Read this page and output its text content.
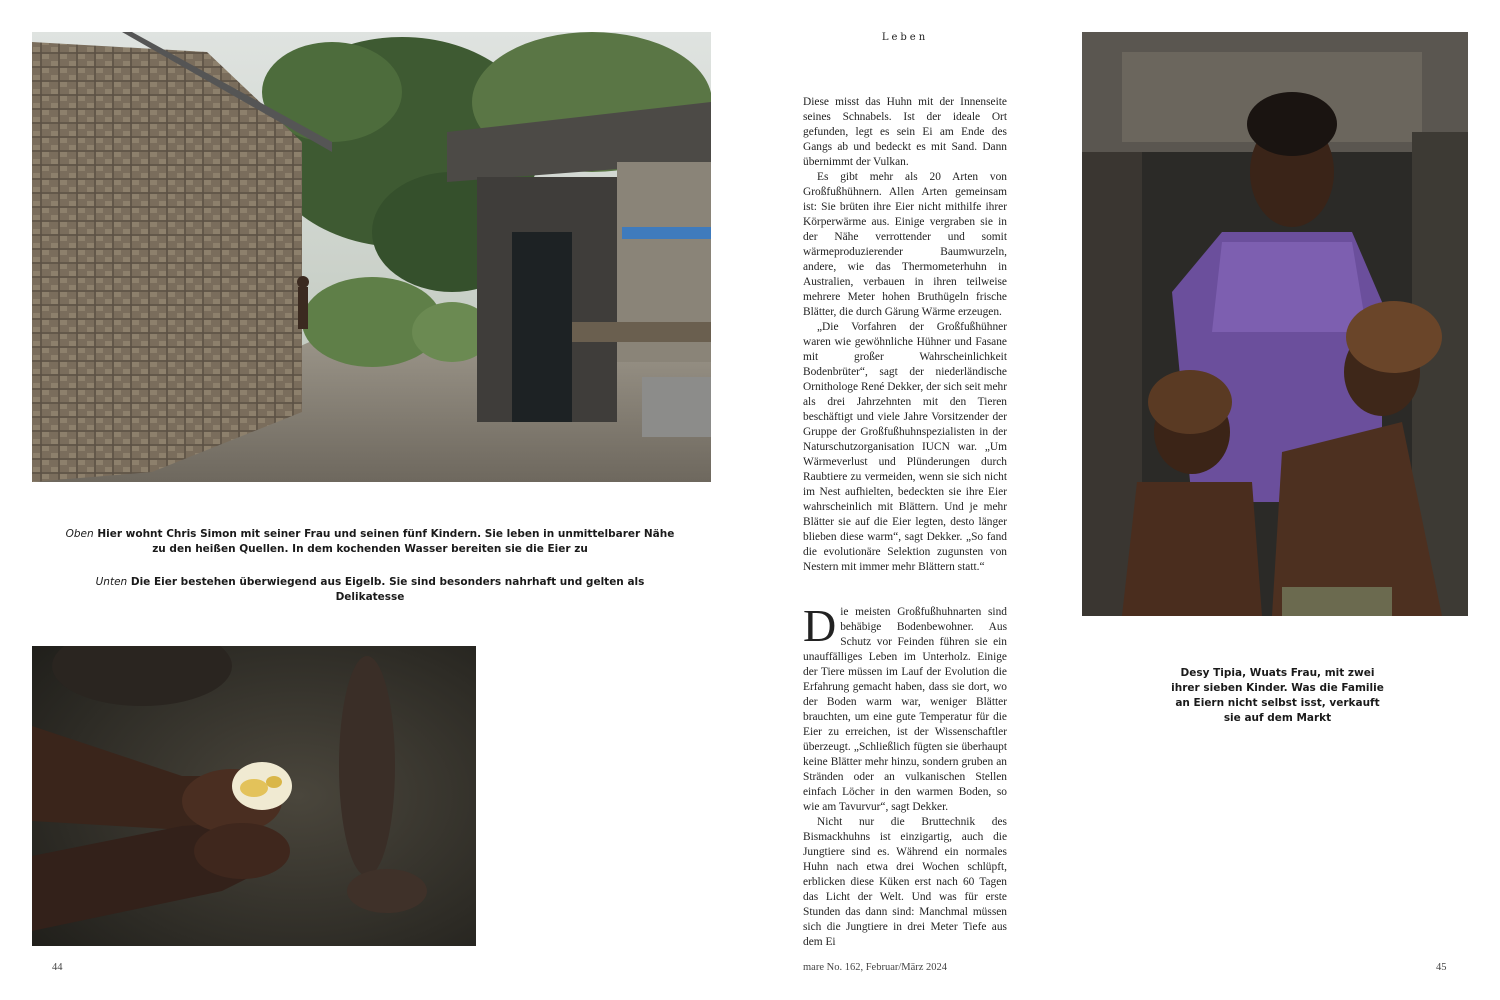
Oben Hier wohnt Chris Simon mit seiner Frau und seinen fünf Kindern. Sie leben in unmittelbarer Nähe zu den heißen Quellen. In dem kochenden Wasser bereiten sie die Eier zu
Unten Die Eier bestehen überwiegend aus Eigelb. Sie sind besonders nahrhaft und gelten als Delikatesse
Desy Tipia, Wuats Frau, mit zwei ihrer sieben Kinder. Was die Familie an Eiern nicht selbst isst, verkauft sie auf dem Markt
Leben

Diese misst das Huhn mit der Innenseite seines Schnabels. Ist der ideale Ort gefunden, legt es sein Ei am Ende des Gangs ab und bedeckt es mit Sand. Dann übernimmt der Vulkan.

Es gibt mehr als 20 Arten von Großfußhühnern. Allen Arten gemeinsam ist: Sie brüten ihre Eier nicht mithilfe ihrer Körperwärme aus. Einige vergraben sie in der Nähe verrottender und somit wärmeproduzierender Baumwurzeln, andere, wie das Thermometerhuhn in Australien, verbauen in ihren teilweise mehrere Meter hohen Bruthügeln frische Blätter, die durch Gärung Wärme erzeugen.

„Die Vorfahren der Großfußhühner waren wie gewöhnliche Hühner und Fasane mit großer Wahrscheinlichkeit Bodenbrüter“, sagt der niederländische Ornithologe René Dekker, der sich seit mehr als drei Jahrzehnten mit den Tieren beschäftigt und viele Jahre Vorsitzender der Gruppe der Großfußhuhnspezialisten in der Naturschutzorganisation IUCN war. „Um Wärmeverlust und Plünderungen durch Raubtiere zu vermeiden, wenn sie sich nicht im Nest aufhielten, bedeckten sie ihre Eier wahrscheinlich mit Blättern. Und je mehr Blätter sie auf die Eier legten, desto länger blieben diese warm“, sagt Dekker. „So fand die evolutionäre Selektion zugunsten von Nestern mit immer mehr Blättern statt.“

Die meisten Großfußhuhnarten sind behäbige Bodenbewohner. Aus Schutz vor Feinden führen sie ein unauffälliges Leben im Unterholz. Einige der Tiere müssen im Lauf der Evolution die Erfahrung gemacht haben, dass sie dort, wo der Boden warm war, weniger Blätter brauchten, um eine gute Temperatur für die Eier zu erreichen, ist der Wissenschaftler überzeugt. „Schließlich fügten sie überhaupt keine Blätter mehr hinzu, sondern gruben an Stränden oder an vulkanischen Stellen einfach Löcher in den warmen Boden, so wie am Tavurvur“, sagt Dekker.

Nicht nur die Bruttechnik des Bismackhuhns ist einzigartig, auch die Jungtiere sind es. Während ein normales Huhn nach etwa drei Wochen schlüpft, erblicken diese Küken erst nach 60 Tagen das Licht der Welt. Und was für erste Stunden das dann sind: Manchmal müssen sich die Jungtiere in drei Meter Tiefe aus dem Ei

44	mare No. 162, Februar/März 2024	45
